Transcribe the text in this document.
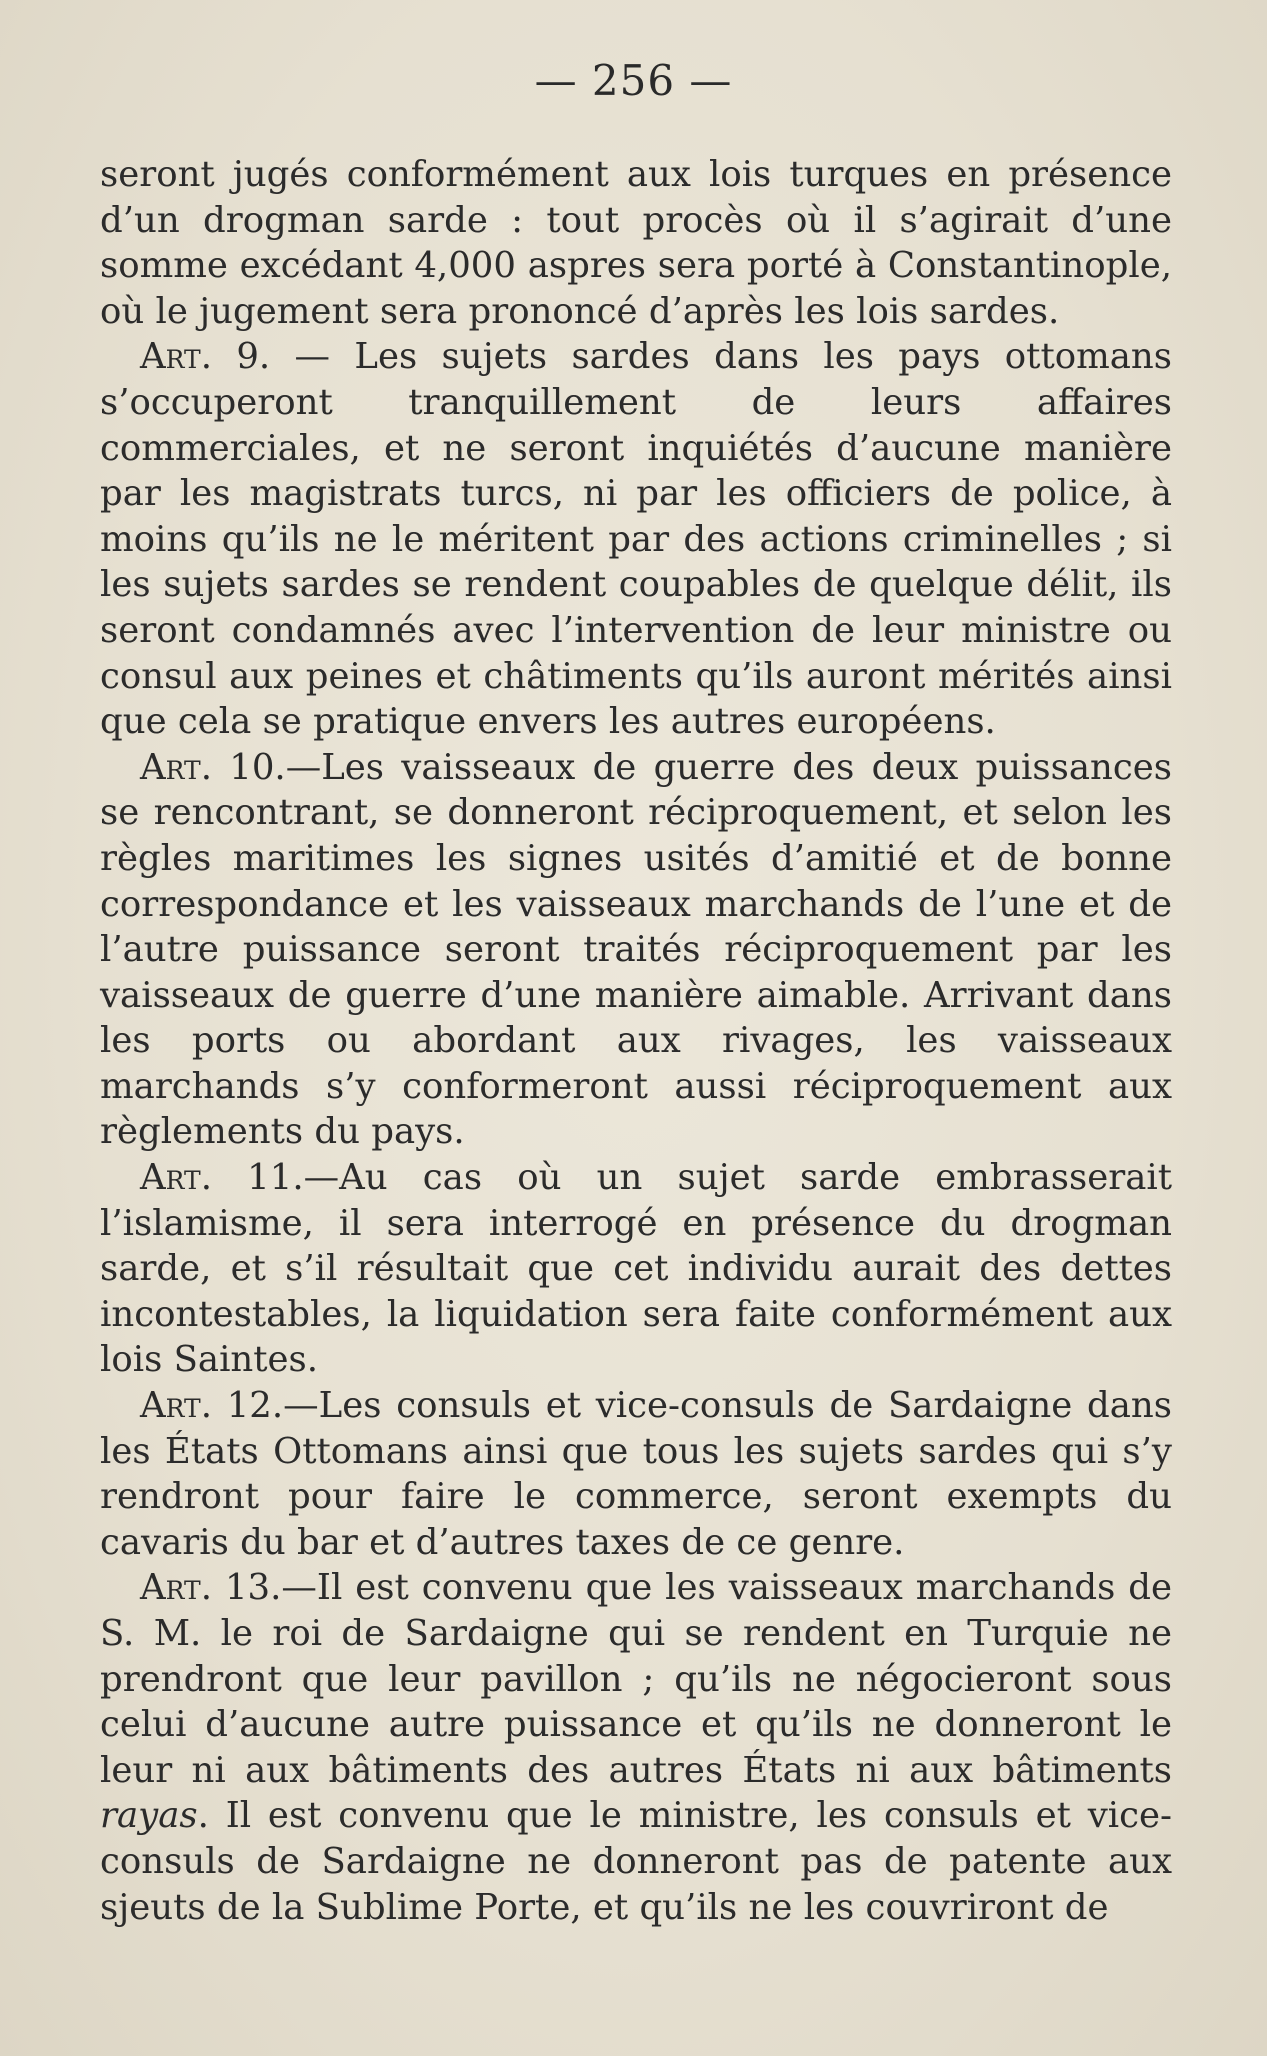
— 256 —

seront jugés conformément aux lois turques en présence d’un drogman sarde : tout procès où il s’agirait d’une somme excédant 4,000 aspres sera porté à Constantinople, où le jugement sera prononcé d’après les lois sardes.

Art. 9. — Les sujets sardes dans les pays ottomans s’occuperont tranquillement de leurs affaires commerciales, et ne seront inquiétés d’aucune manière par les magistrats turcs, ni par les officiers de police, à moins qu’ils ne le méritent par des actions criminelles ; si les sujets sardes se rendent coupables de quelque délit, ils seront condamnés avec l’intervention de leur ministre ou consul aux peines et châtiments qu’ils auront mérités ainsi que cela se pratique envers les autres européens.

Art. 10.—Les vaisseaux de guerre des deux puissances se rencontrant, se donneront réciproquement, et selon les règles maritimes les signes usités d’amitié et de bonne correspondance et les vaisseaux marchands de l’une et de l’autre puissance seront traités réciproquement par les vaisseaux de guerre d’une manière aimable. Arrivant dans les ports ou abordant aux rivages, les vaisseaux marchands s’y conformeront aussi réciproquement aux règlements du pays.

Art. 11.—Au cas où un sujet sarde embrasserait l’islamisme, il sera interrogé en présence du drogman sarde, et s’il résultait que cet individu aurait des dettes incontestables, la liquidation sera faite conformément aux lois Saintes.

Art. 12.—Les consuls et vice-consuls de Sardaigne dans les États Ottomans ainsi que tous les sujets sardes qui s’y rendront pour faire le commerce, seront exempts du cavaris du bar et d’autres taxes de ce genre.

Art. 13.—Il est convenu que les vaisseaux marchands de S. M. le roi de Sardaigne qui se rendent en Turquie ne prendront que leur pavillon ; qu’ils ne négocieront sous celui d’aucune autre puissance et qu’ils ne donneront le leur ni aux bâtiments des autres États ni aux bâtiments rayas. Il est convenu que le ministre, les consuls et vice-consuls de Sardaigne ne donneront pas de patente aux sjeuts de la Sublime Porte, et qu’ils ne les couvriront de
